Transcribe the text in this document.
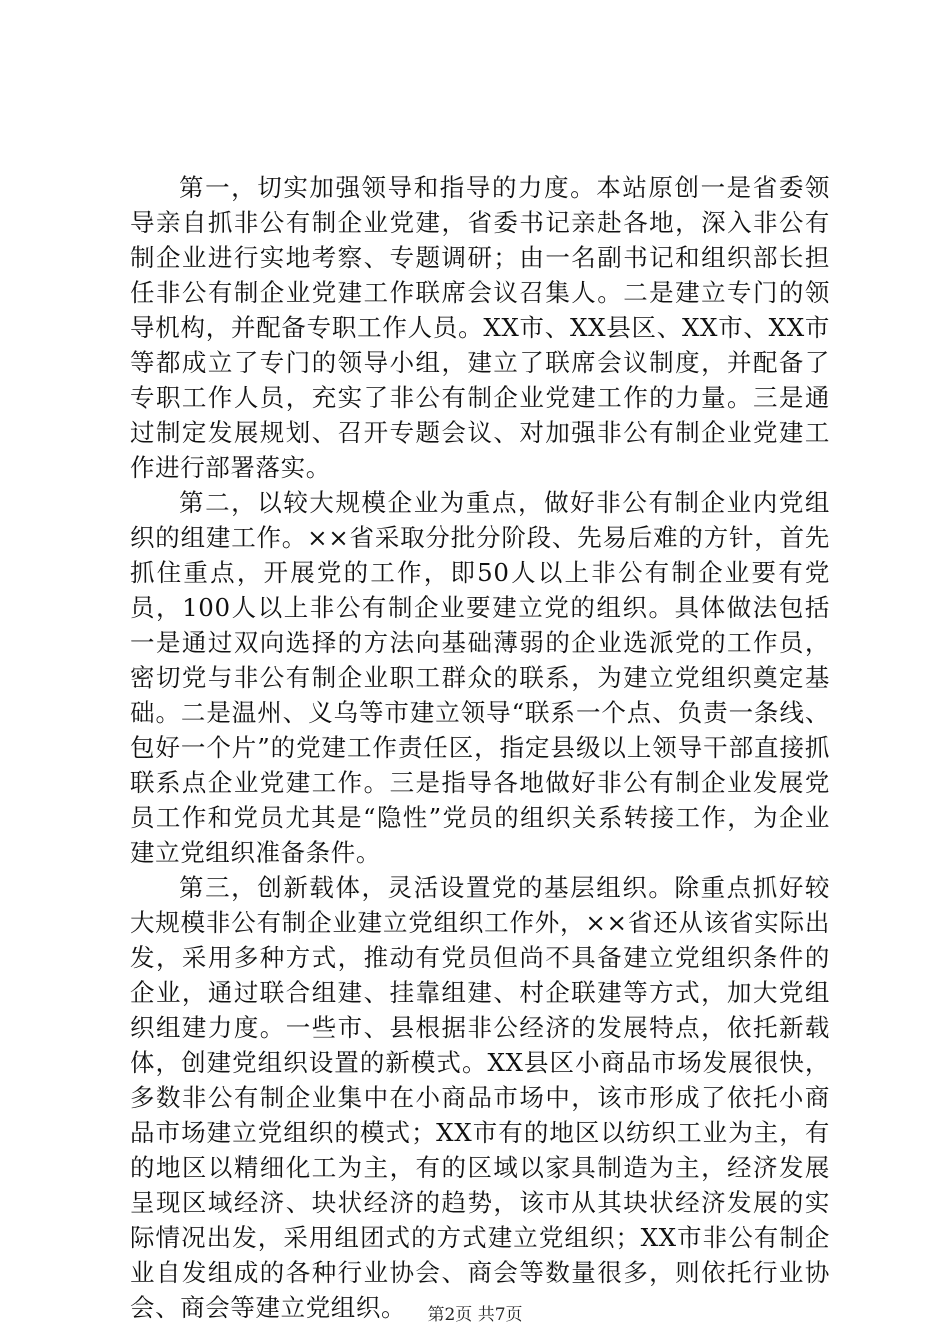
第一，切实加强领导和指导的力度。本站原创一是省委领导亲自抓非公有制企业党建，省委书记亲赴各地，深入非公有制企业进行实地考察、专题调研；由一名副书记和组织部长担任非公有制企业党建工作联席会议召集人。二是建立专门的领导机构，并配备专职工作人员。XX市、XX县区、XX市、XX市等都成立了专门的领导小组，建立了联席会议制度，并配备了专职工作人员，充实了非公有制企业党建工作的力量。三是通过制定发展规划、召开专题会议、对加强非公有制企业党建工作进行部署落实。

第二，以较大规模企业为重点，做好非公有制企业内党组织的组建工作。××省采取分批分阶段、先易后难的方针，首先抓住重点，开展党的工作，即50人以上非公有制企业要有党员，100人以上非公有制企业要建立党的组织。具体做法包括一是通过双向选择的方法向基础薄弱的企业选派党的工作员，密切党与非公有制企业职工群众的联系，为建立党组织奠定基础。二是温州、义乌等市建立领导“联系一个点、负责一条线、包好一个片”的党建工作责任区，指定县级以上领导干部直接抓联系点企业党建工作。三是指导各地做好非公有制企业发展党员工作和党员尤其是“隐性”党员的组织关系转接工作，为企业建立党组织准备条件。

第三，创新载体，灵活设置党的基层组织。除重点抓好较大规模非公有制企业建立党组织工作外，××省还从该省实际出发，采用多种方式，推动有党员但尚不具备建立党组织条件的企业，通过联合组建、挂靠组建、村企联建等方式，加大党组织组建力度。一些市、县根据非公经济的发展特点，依托新载体，创建党组织设置的新模式。XX县区小商品市场发展很快，多数非公有制企业集中在小商品市场中，该市形成了依托小商品市场建立党组织的模式；XX市有的地区以纺织工业为主，有的地区以精细化工为主，有的区域以家具制造为主，经济发展呈现区域经济、块状经济的趋势，该市从其块状经济发展的实际情况出发，采用组团式的方式建立党组织；XX市非公有制企业自发组成的各种行业协会、商会等数量很多，则依托行业协会、商会等建立党组织。	第2页 共7页
